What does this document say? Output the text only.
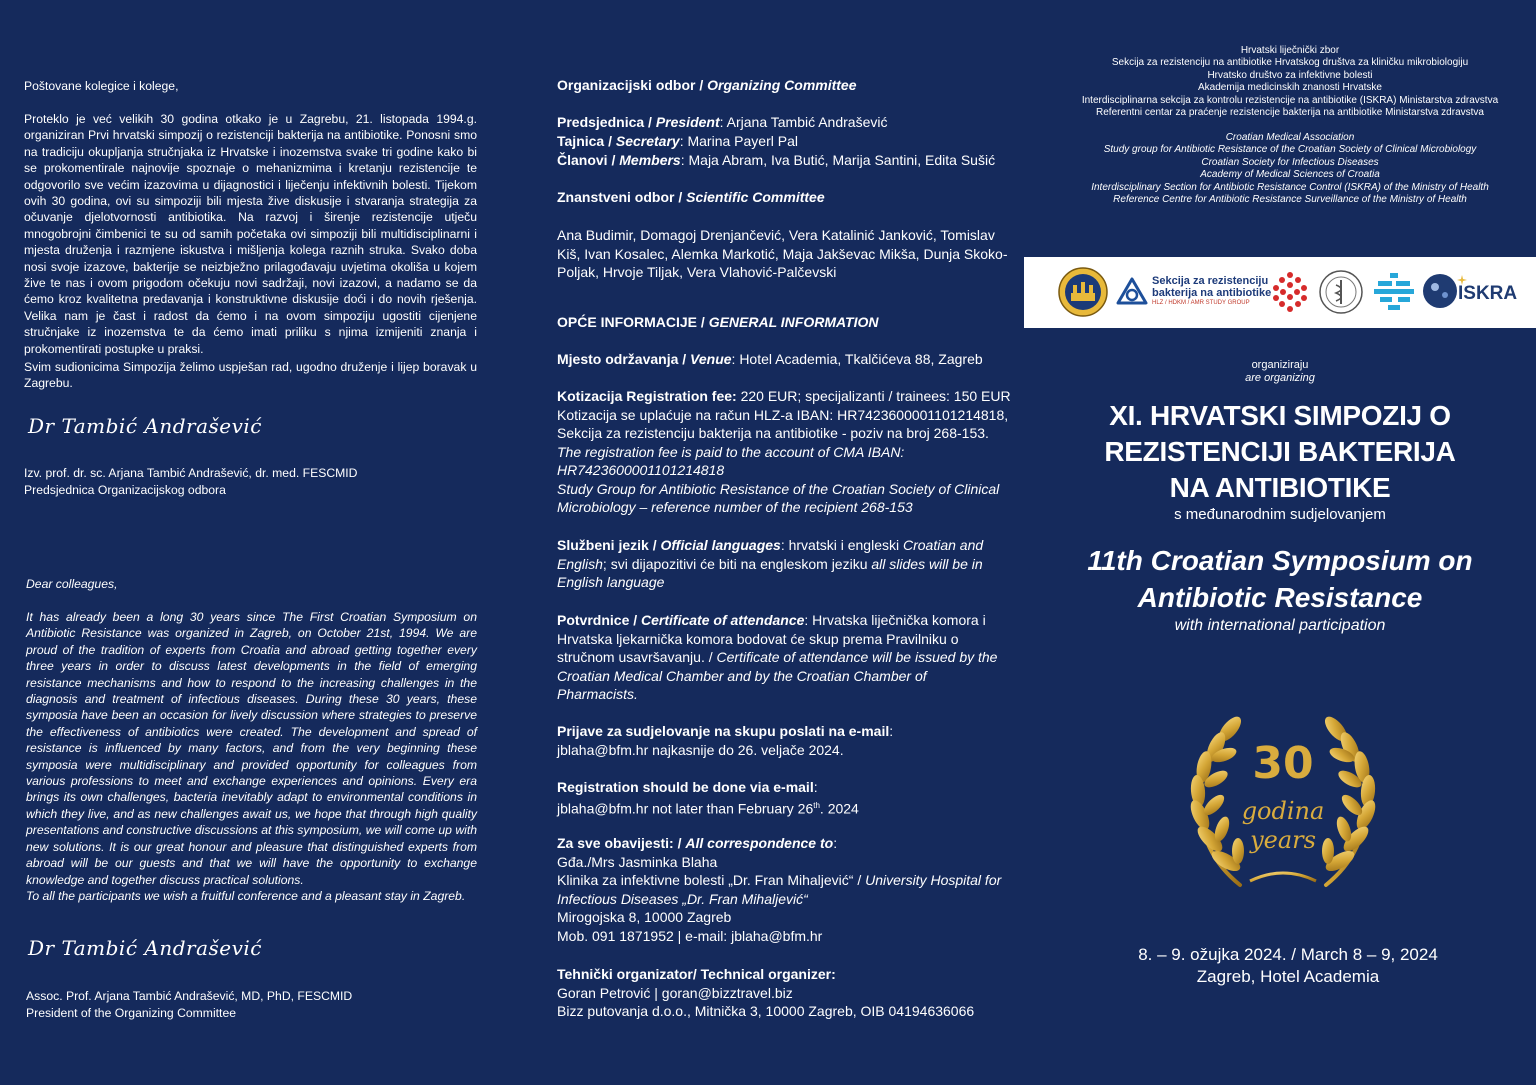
Poštovane kolegice i kolege,

Proteklo je već velikih 30 godina otkako je u Zagrebu, 21. listopada 1994.g. organiziran Prvi hrvatski simpozij o rezistenciji bakterija na antibiotike. Ponosni smo na tradiciju okupljanja stručnjaka iz Hrvatske i inozemstva svake tri godine kako bi se prokomentirale najnovije spoznaje o mehanizmima i kretanju rezistencije te odgovorilo sve većim izazovima u dijagnostici i liječenju infektivnih bolesti. Tijekom ovih 30 godina, ovi su simpoziji bili mjesta žive diskusije i stvaranja strategija za očuvanje djelotvornosti antibiotika. Na razvoj i širenje rezistencije utječu mnogobrojni čimbenici te su od samih početaka ovi simpoziji bili multidisciplinarni i mjesta druženja i razmjene iskustva i mišljenja kolega raznih struka. Svako doba nosi svoje izazove, bakterije se neizbježno prilagođavaju uvjetima okoliša u kojem žive te nas i ovom prigodom očekuju novi sadržaji, novi izazovi, a nadamo se da ćemo kroz kvalitetna predavanja i konstruktivne diskusije doći i do novih rješenja. Velika nam je čast i radost da ćemo i na ovom simpoziju ugostiti cijenjene stručnjake iz inozemstva te da ćemo imati priliku s njima izmijeniti znanja i prokomentirati postupke u praksi.

Svim sudionicima Simpozija želimo uspješan rad, ugodno druženje i lijep boravak u Zagrebu.

Dr Tambić Andrašević

Izv. prof. dr. sc. Arjana Tambić Andrašević, dr. med. FESCMID

Predsjednica Organizacijskog odbora

Dear colleagues,

It has already been a long 30 years since The First Croatian Symposium on Antibiotic Resistance was organized in Zagreb, on October 21st, 1994. We are proud of the tradition of experts from Croatia and abroad getting together every three years in order to discuss latest developments in the field of emerging resistance mechanisms and how to respond to the increasing challenges in the diagnosis and treatment of infectious diseases. During these 30 years, these symposia have been an occasion for lively discussion where strategies to preserve the effectiveness of antibiotics were created. The development and spread of resistance is influenced by many factors, and from the very beginning these symposia were multidisciplinary and provided opportunity for colleagues from various professions to meet and exchange experiences and opinions. Every era brings its own challenges, bacteria inevitably adapt to environmental conditions in which they live, and as new challenges await us, we hope that through high quality presentations and constructive discussions at this symposium, we will come up with new solutions. It is our great honour and pleasure that distinguished experts from abroad will be our guests and that we will have the opportunity to exchange knowledge and together discuss practical solutions.

To all the participants we wish a fruitful conference and a pleasant stay in Zagreb.

Dr Tambić Andrašević

Assoc. Prof. Arjana Tambić Andrašević, MD, PhD, FESCMID

President of the Organizing Committee

Organizacijski odbor / Organizing Committee
Predsjednica / President: Arjana Tambić Andrašević
Tajnica / Secretary: Marina Payerl Pal
Članovi / Members: Maja Abram, Iva Butić, Marija Santini, Edita Sušić
Znanstveni odbor / Scientific Committee
Ana Budimir, Domagoj Drenjančević, Vera Katalinić Janković, Tomislav
Kiš, Ivan Kosalec, Alemka Markotić, Maja Jakševac Mikša, Dunja Skoko-
Poljak, Hrvoje Tiljak, Vera Vlahović-Palčevski
OPĆE INFORMACIJE / GENERAL INFORMATION
Mjesto održavanja / Venue: Hotel Academia, Tkalčićeva 88, Zagreb
Kotizacija Registration fee: 220 EUR; specijalizanti / trainees: 150 EUR
Kotizacija se uplaćuje na račun HLZ-a IBAN: HR7423600001101214818,
Sekcija za rezistenciju bakterija na antibiotike - poziv na broj 268-153.
The registration fee is paid to the account of CMA IBAN:
HR7423600001101214818
Study Group for Antibiotic Resistance of the Croatian Society of Clinical
Microbiology – reference number of the recipient 268-153
Službeni jezik / Official languages: hrvatski i engleski Croatian and
English; svi dijapozitivi će biti na engleskom jeziku all slides will be in
English language
Potvrdnice / Certificate of attendance: Hrvatska liječnička komora i
Hrvatska ljekarnička komora bodovat će skup prema Pravilniku o
stručnom usavršavanju. / Certificate of attendance will be issued by the
Croatian Medical Chamber and by the Croatian Chamber of
Pharmacists.
Prijave za sudjelovanje na skupu poslati na e-mail:
jblaha@bfm.hr najkasnije do 26. veljače 2024.
Registration should be done via e-mail:
jblaha@bfm.hr not later than February 26th. 2024
Za sve obavijesti: / All correspondence to:
Gđa./Mrs Jasminka Blaha
Klinika za infektivne bolesti „Dr. Fran Mihaljević“ / University Hospital for
Infectious Diseases „Dr. Fran Mihaljević“
Mirogojska 8, 10000 Zagreb
Mob. 091 1871952 | e-mail: jblaha@bfm.hr
Tehnički organizator/ Technical organizer:
Goran Petrović | goran@bizztravel.biz
Bizz putovanja d.o.o., Mitnička 3, 10000 Zagreb, OIB 04194636066
Hrvatski liječnički zbor
Sekcija za rezistenciju na antibiotike Hrvatskog društva za kliničku mikrobiologiju
Hrvatsko društvo za infektivne bolesti
Akademija medicinskih znanosti Hrvatske
Interdisciplinarna sekcija za kontrolu rezistencije na antibiotike (ISKRA) Ministarstva zdravstva
Referentni centar za praćenje rezistencije bakterija na antibiotike Ministarstva zdravstva
Croatian Medical Association
Study group for Antibiotic Resistance of the Croatian Society of Clinical Microbiology
Croatian Society for Infectious Diseases
Academy of Medical Sciences of Croatia
Interdisciplinary Section for Antibiotic Resistance Control (ISKRA) of the Ministry of Health
Reference Centre for Antibiotic Resistance Surveillance of the Ministry of Health
Sekcija za rezistenciju
bakterija na antibiotike
HLZ / HDKM / AMR STUDY GROUP	ISKRA
organiziraju
are organizing
XI. HRVATSKI SIMPOZIJ O
REZISTENCIJI BAKTERIJA
NA ANTIBIOTIKE
s međunarodnim sudjelovanjem
11th Croatian Symposium on
Antibiotic Resistance
with international participation
30
godina
years
8. – 9. ožujka 2024. / March 8 – 9, 2024
Zagreb, Hotel Academia
